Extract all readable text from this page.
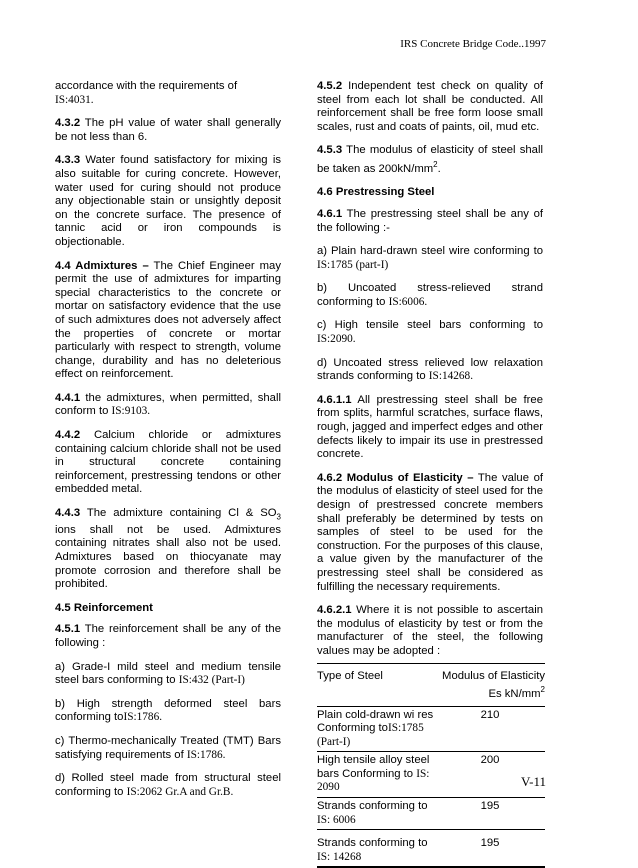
IRS Concrete Bridge Code..1997

accordance with the requirements of
IS:4031.

4.3.2 The pH value of water shall generally be not less than 6.

4.3.3 Water found satisfactory for mixing is also suitable for curing concrete. However, water used for curing should not produce any objectionable stain or unsightly deposit on the concrete surface. The presence of tannic acid or iron compounds is objectionable.

4.4 Admixtures – The Chief Engineer may permit the use of admixtures for imparting special characteristics to the concrete or mortar on satisfactory evidence that the use of such admixtures does not adversely affect the properties of concrete or mortar particularly with respect to strength, volume change, durability and has no deleterious effect on reinforcement.

4.4.1 the admixtures, when permitted, shall conform to IS:9103.

4.4.2 Calcium chloride or admixtures containing calcium chloride shall not be used in structural concrete containing reinforcement, prestressing tendons or other embedded metal.

4.4.3 The admixture containing Cl & $SO_3$ ions shall not be used. Admixtures containing nitrates shall also not be used. Admixtures based on thiocyanate may promote corrosion and therefore shall be prohibited.

4.5 Reinforcement

4.5.1 The reinforcement shall be any of the following :

a) Grade-I mild steel and medium tensile steel bars conforming to IS:432 (Part-I)

b) High strength deformed steel bars conforming toIS:1786.

c) Thermo-mechanically Treated (TMT) Bars satisfying requirements of IS:1786.

d) Rolled steel made from structural steel conforming to IS:2062 Gr.A and Gr.B.

4.5.2 Independent test check on quality of steel from each lot shall be conducted. All reinforcement shall be free form loose small scales, rust and coats of paints, oil, mud etc.

4.5.3 The modulus of elasticity of steel shall be taken as $200kN/mm^2$.

4.6 Prestressing Steel

4.6.1 The prestressing steel shall be any of the following :-

a) Plain hard-drawn steel wire conforming to IS:1785 (part-I)

b) Uncoated stress-relieved strand conforming to IS:6006.

c) High tensile steel bars conforming to IS:2090.

d) Uncoated stress relieved low relaxation strands conforming to IS:14268.

4.6.1.1 All prestressing steel shall be free from splits, harmful scratches, surface flaws, rough, jagged and imperfect edges and other defects likely to impair its use in prestressed concrete.

4.6.2 Modulus of Elasticity – The value of the modulus of elasticity of steel used for the design of prestressed concrete members shall preferably be determined by tests on samples of steel to be used for the construction. For the purposes of this clause, a value given by the manufacturer of the prestressing steel shall be considered as fulfilling the necessary requirements.

4.6.2.1 Where it is not possible to ascertain the modulus of elasticity by test or from the manufacturer of the steel, the following values may be adopted :

Type of Steel	Modulus of Elasticity Es $kN/mm^2$
Plain cold-drawn wi res Conforming toIS:1785 (Part-I)	210
High tensile alloy steel bars Conforming to IS: 2090	200
Strands conforming to IS: 6006	195
Strands conforming to IS: 14268	195
V-11
